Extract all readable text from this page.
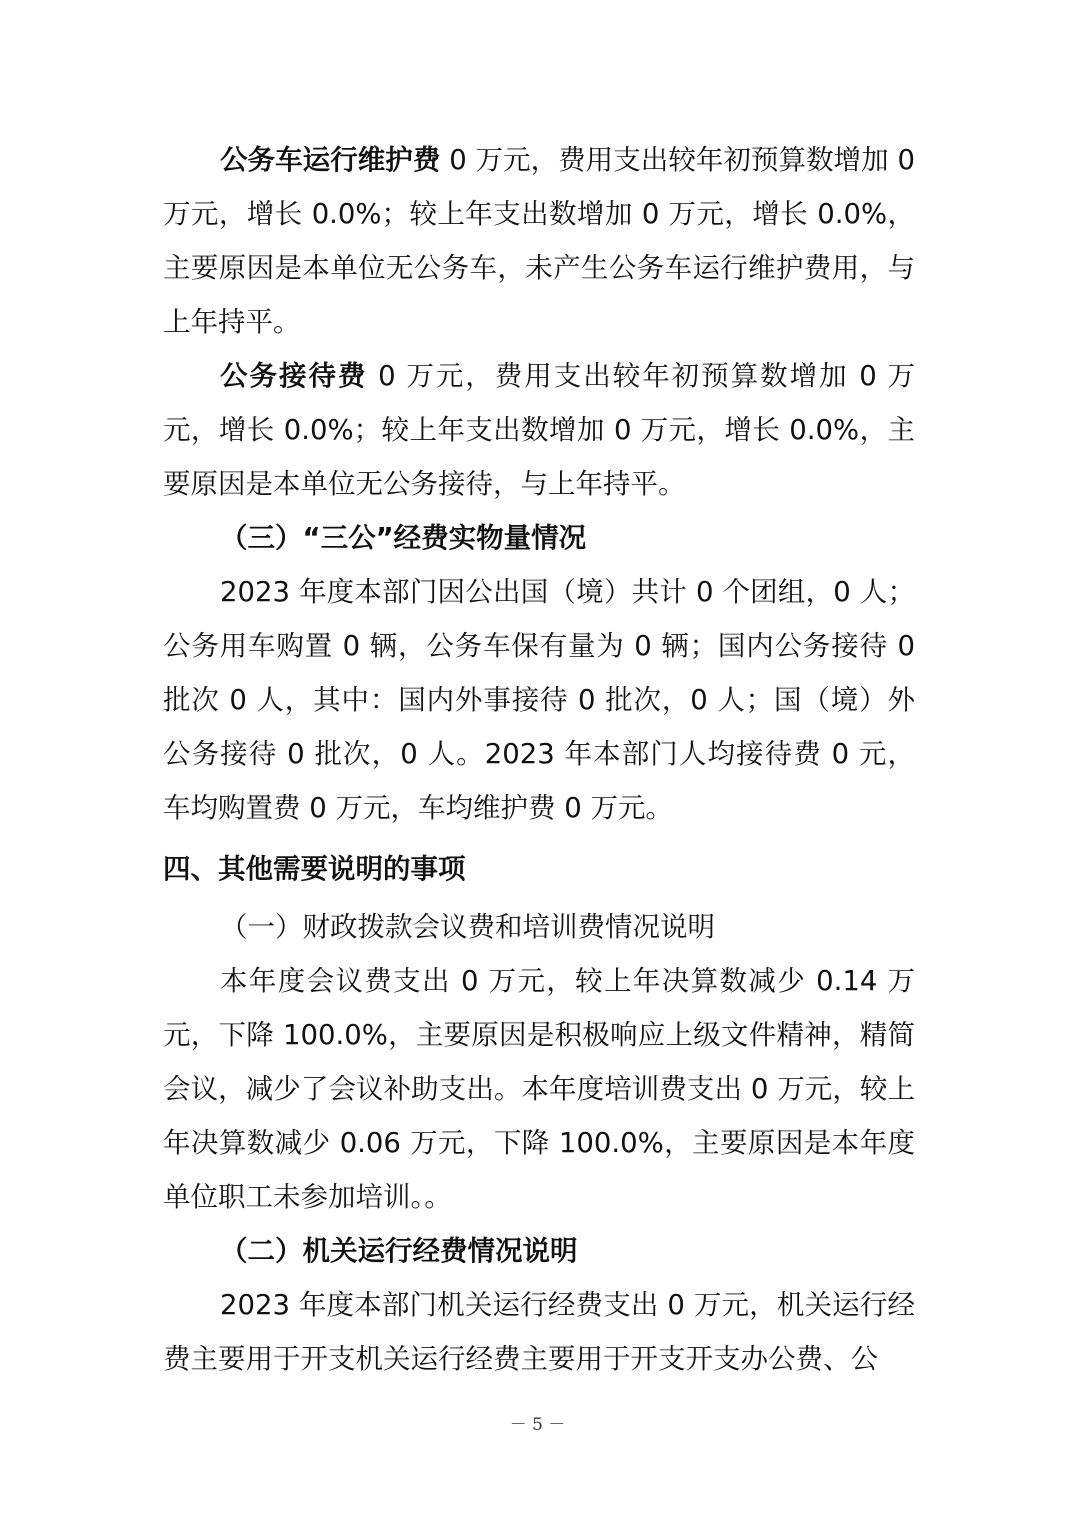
公务车运行维护费 0 万元，费用支出较年初预算数增加 0 万元，增长 0.0%；较上年支出数增加 0 万元，增长 0.0%，主要原因是本单位无公务车，未产生公务车运行维护费用，与上年持平。

公务接待费 0 万元，费用支出较年初预算数增加 0 万元，增长 0.0%；较上年支出数增加 0 万元，增长 0.0%，主要原因是本单位无公务接待，与上年持平。

（三）“三公”经费实物量情况

2023 年度本部门因公出国（境）共计 0 个团组，0 人；公务用车购置 0 辆，公务车保有量为 0 辆；国内公务接待 0 批次 0 人，其中：国内外事接待 0 批次，0 人；国（境）外公务接待 0 批次，0 人。2023 年本部门人均接待费 0 元，车均购置费 0 万元，车均维护费 0 万元。

四、其他需要说明的事项

（一）财政拨款会议费和培训费情况说明

本年度会议费支出 0 万元，较上年决算数减少 0.14 万元，下降 100.0%，主要原因是积极响应上级文件精神，精简会议，减少了会议补助支出。本年度培训费支出 0 万元，较上年决算数减少 0.06 万元，下降 100.0%，主要原因是本年度单位职工未参加培训。。

（二）机关运行经费情况说明

2023 年度本部门机关运行经费支出 0 万元，机关运行经费主要用于开支机关运行经费主要用于开支开支办公费、公

－ 5 －
